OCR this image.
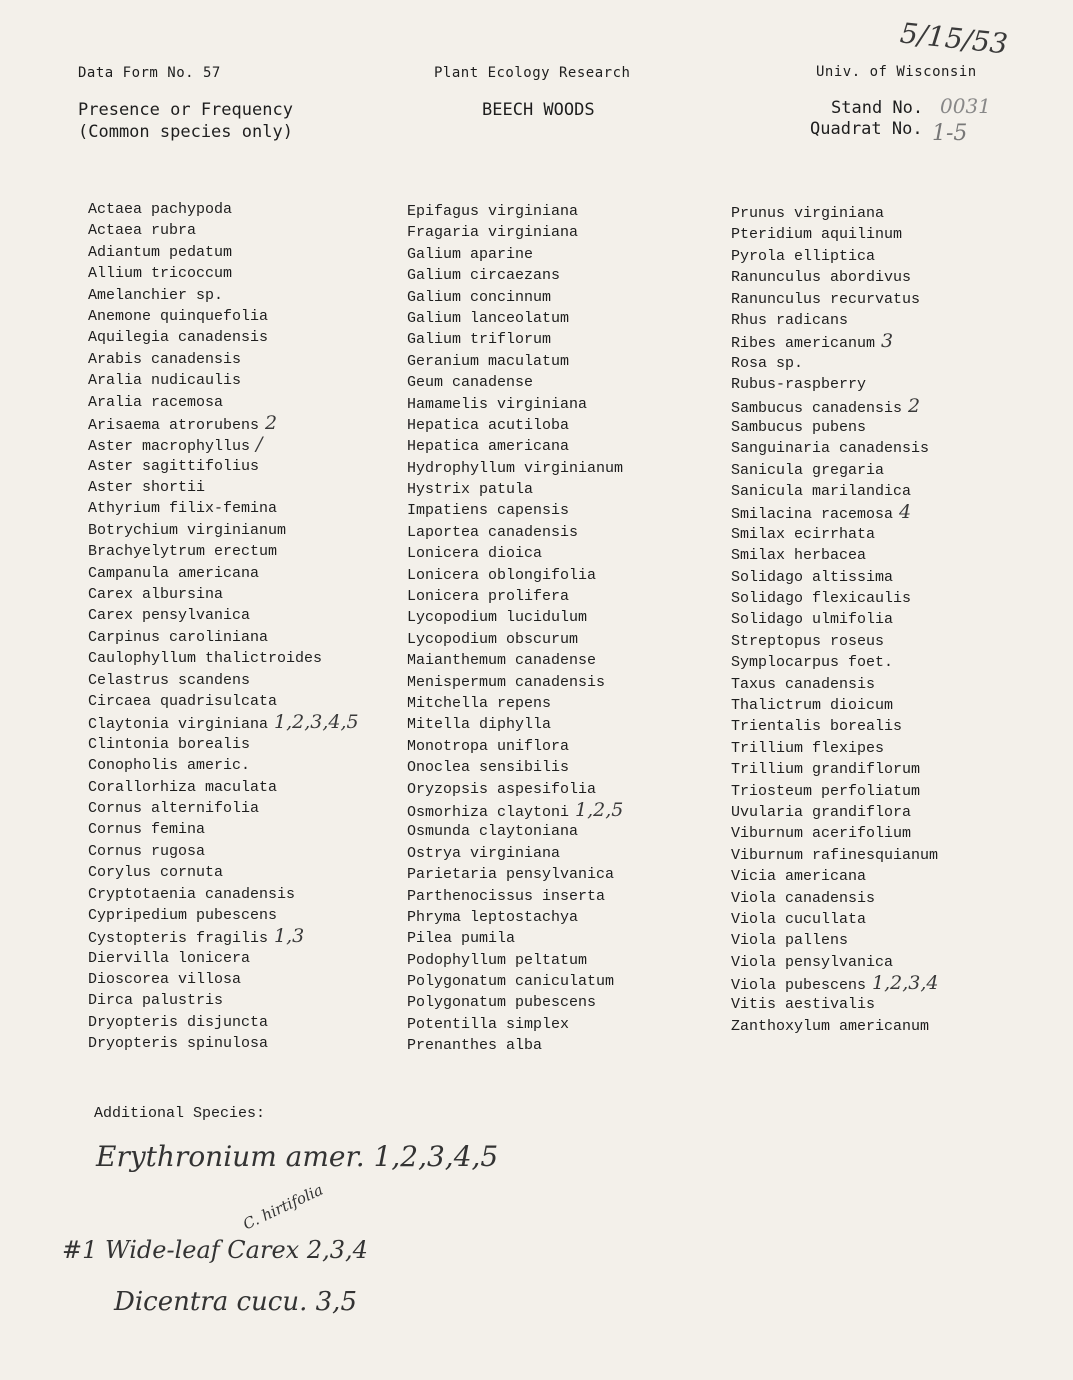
Data Form No. 57	Plant Ecology Research	Univ. of Wisconsin
5/15/53
Presence or Frequency
(Common species only)
BEECH WOODS	Stand No. 0031
Quadrat No. 1-5
Actaea pachypoda
Actaea rubra
Adiantum pedatum
Allium tricoccum
Amelanchier sp.
Anemone quinquefolia
Aquilegia canadensis
Arabis canadensis
Aralia nudicaulis
Aralia racemosa
Arisaema atrorubens 2
Aster macrophyllus /
Aster sagittifolius
Aster shortii
Athyrium filix-femina
Botrychium virginianum
Brachyelytrum erectum
Campanula americana
Carex albursina
Carex pensylvanica
Carpinus caroliniana
Caulophyllum thalictroides
Celastrus scandens
Circaea quadrisulcata
Claytonia virginiana 1,2,3,4,5
Clintonia borealis
Conopholis americ.
Corallorhiza maculata
Cornus alternifolia
Cornus femina
Cornus rugosa
Corylus cornuta
Cryptotaenia canadensis
Cypripedium pubescens
Cystopteris fragilis 1,3
Diervilla lonicera
Dioscorea villosa
Dirca palustris
Dryopteris disjuncta
Dryopteris spinulosa
Epifagus virginiana
Fragaria virginiana
Galium aparine
Galium circaezans
Galium concinnum
Galium lanceolatum
Galium triflorum
Geranium maculatum
Geum canadense
Hamamelis virginiana
Hepatica acutiloba
Hepatica americana
Hydrophyllum virginianum
Hystrix patula
Impatiens capensis
Laportea canadensis
Lonicera dioica
Lonicera oblongifolia
Lonicera prolifera
Lycopodium lucidulum
Lycopodium obscurum
Maianthemum canadense
Menispermum canadensis
Mitchella repens
Mitella diphylla
Monotropa uniflora
Onoclea sensibilis
Oryzopsis aspesifolia
Osmorhiza claytoni 1,2,5
Osmunda claytoniana
Ostrya virginiana
Parietaria pensylvanica
Parthenocissus inserta
Phryma leptostachya
Pilea pumila
Podophyllum peltatum
Polygonatum caniculatum
Polygonatum pubescens
Potentilla simplex
Prenanthes alba
Prunus virginiana
Pteridium aquilinum
Pyrola elliptica
Ranunculus abordivus
Ranunculus recurvatus
Rhus radicans
Ribes americanum 3
Rosa sp.
Rubus-raspberry
Sambucus canadensis 2
Sambucus pubens
Sanguinaria canadensis
Sanicula gregaria
Sanicula marilandica
Smilacina racemosa 4
Smilax ecirrhata
Smilax herbacea
Solidago altissima
Solidago flexicaulis
Solidago ulmifolia
Streptopus roseus
Symplocarpus foet.
Taxus canadensis
Thalictrum dioicum
Trientalis borealis
Trillium flexipes
Trillium grandiflorum
Triosteum perfoliatum
Uvularia grandiflora
Viburnum acerifolium
Viburnum rafinesquianum
Vicia americana
Viola canadensis
Viola cucullata
Viola pallens
Viola pensylvanica
Viola pubescens 1,2,3,4
Vitis aestivalis
Zanthoxylum americanum
Additional Species:
Erythronium amer. 1,2,3,4,5
#1 Wide-leaf Carex 2,3,4
C. hirtifolia
Dicentra cucu. 3,5
